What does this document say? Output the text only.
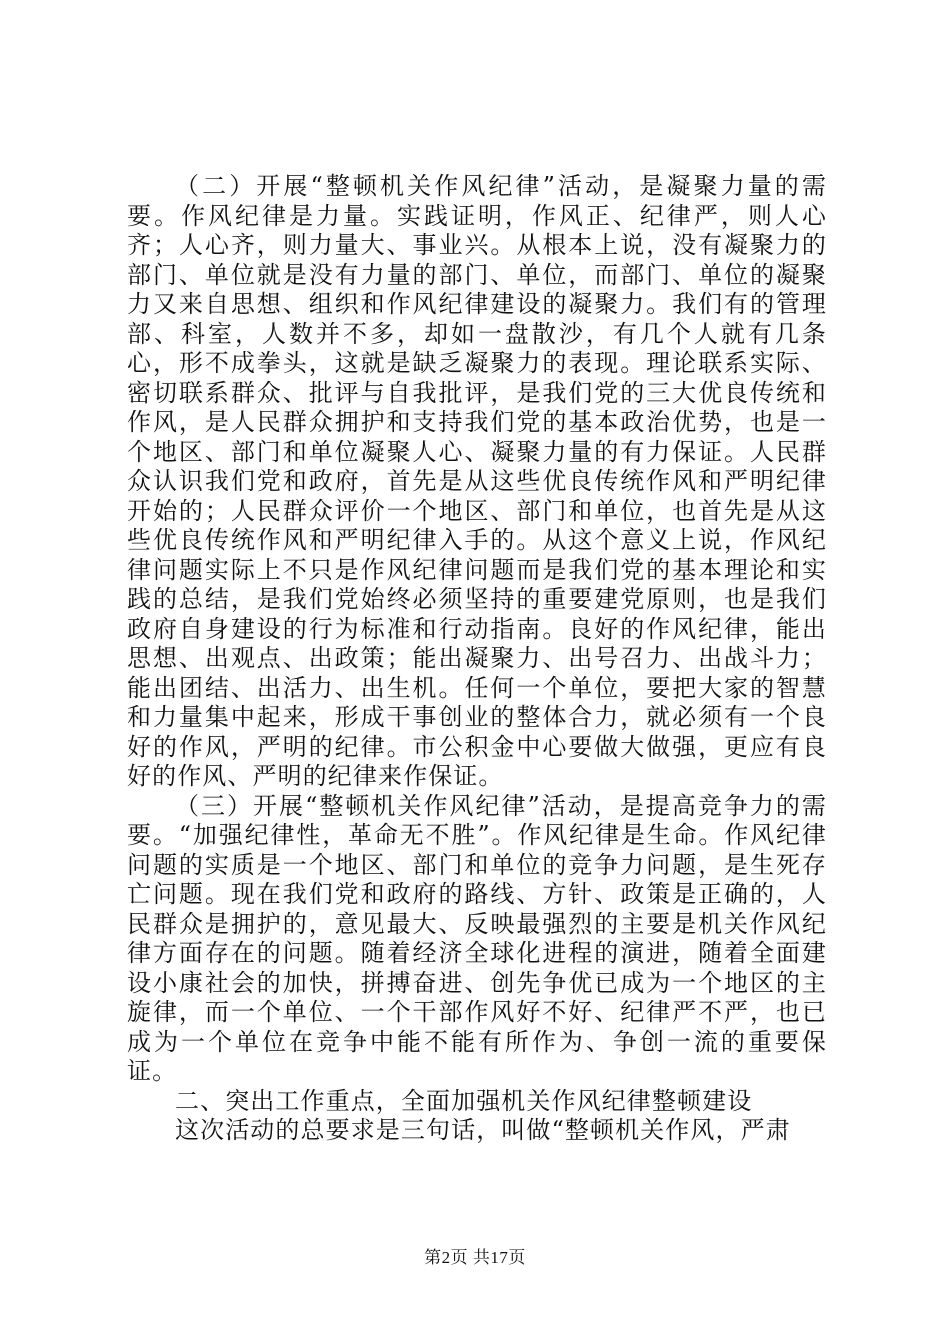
（二）开展“整顿机关作风纪律”活动，是凝聚力量的需要。作风纪律是力量。实践证明，作风正、纪律严，则人心齐；人心齐，则力量大、事业兴。从根本上说，没有凝聚力的部门、单位就是没有力量的部门、单位，而部门、单位的凝聚力又来自思想、组织和作风纪律建设的凝聚力。我们有的管理部、科室，人数并不多，却如一盘散沙，有几个人就有几条心，形不成拳头，这就是缺乏凝聚力的表现。理论联系实际、密切联系群众、批评与自我批评，是我们党的三大优良传统和作风，是人民群众拥护和支持我们党的基本政治优势，也是一个地区、部门和单位凝聚人心、凝聚力量的有力保证。人民群众认识我们党和政府，首先是从这些优良传统作风和严明纪律开始的；人民群众评价一个地区、部门和单位，也首先是从这些优良传统作风和严明纪律入手的。从这个意义上说，作风纪律问题实际上不只是作风纪律问题而是我们党的基本理论和实践的总结，是我们党始终必须坚持的重要建党原则，也是我们政府自身建设的行为标准和行动指南。良好的作风纪律，能出思想、出观点、出政策；能出凝聚力、出号召力、出战斗力；能出团结、出活力、出生机。任何一个单位，要把大家的智慧和力量集中起来，形成干事创业的整体合力，就必须有一个良好的作风，严明的纪律。市公积金中心要做大做强，更应有良好的作风、严明的纪律来作保证。

（三）开展“整顿机关作风纪律”活动，是提高竞争力的需要。“加强纪律性，革命无不胜”。作风纪律是生命。作风纪律问题的实质是一个地区、部门和单位的竞争力问题，是生死存亡问题。现在我们党和政府的路线、方针、政策是正确的，人民群众是拥护的，意见最大、反映最强烈的主要是机关作风纪律方面存在的问题。随着经济全球化进程的演进，随着全面建设小康社会的加快，拼搏奋进、创先争优已成为一个地区的主旋律，而一个单位、一个干部作风好不好、纪律严不严，也已成为一个单位在竞争中能不能有所作为、争创一流的重要保证。

二、突出工作重点，全面加强机关作风纪律整顿建设

这次活动的总要求是三句话，叫做“整顿机关作风，严肃

第2页 共17页
